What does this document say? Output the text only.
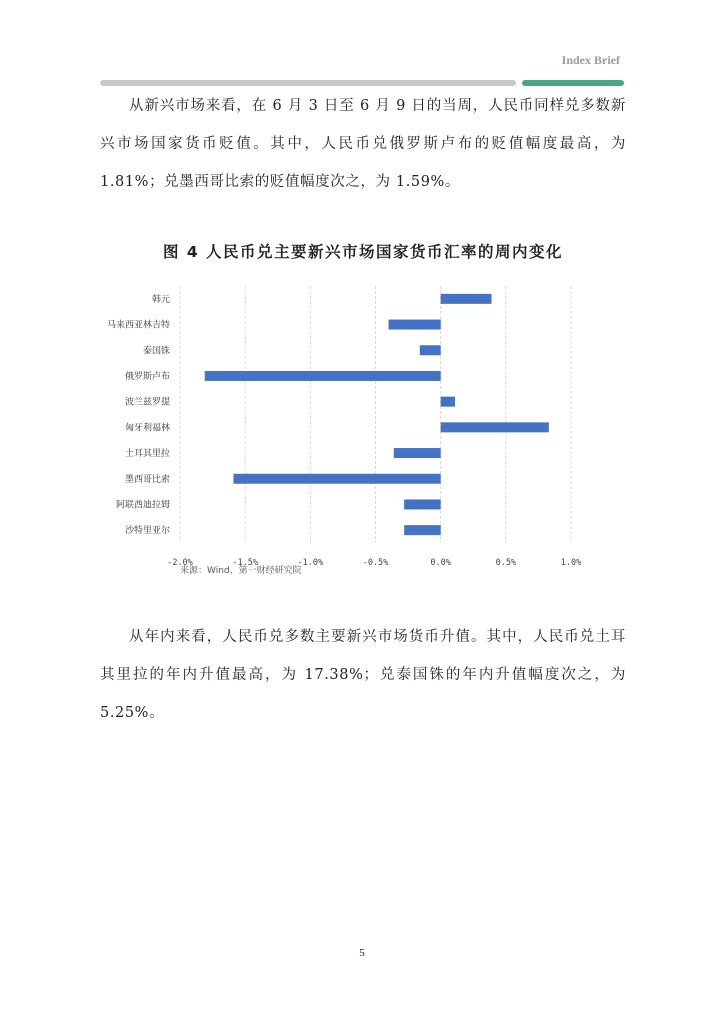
Index Brief

从新兴市场来看，在 6 月 3 日至 6 月 9 日的当周，人民币同样兑多数新兴市场国家货币贬值。其中，人民币兑俄罗斯卢布的贬值幅度最高，为 1.81%；兑墨西哥比索的贬值幅度次之，为 1.59%。

图 4 人民币兑主要新兴市场国家货币汇率的周内变化
-2.0%	-1.5%	-1.0%	-0.5%	0.0%	0.5%	1.0%
韩元
马来西亚林吉特
泰国铢
俄罗斯卢布
波兰兹罗提
匈牙利福林
土耳其里拉
墨西哥比索
阿联酋迪拉姆
沙特里亚尔
来源：Wind、第一财经研究院

从年内来看，人民币兑多数主要新兴市场货币升值。其中，人民币兑土耳其里拉的年内升值最高，为 17.38%；兑泰国铢的年内升值幅度次之，为 5.25%。

5
